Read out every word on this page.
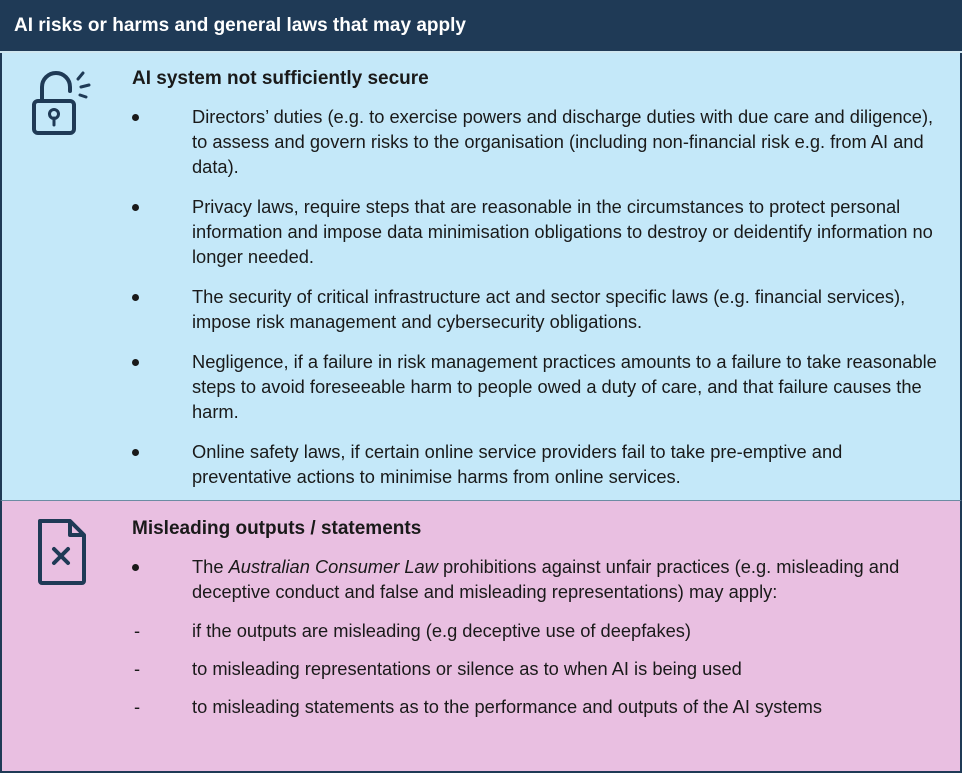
AI risks or harms and general laws that may apply
AI system not sufficiently secure
Directors’ duties (e.g. to exercise powers and discharge duties with due care and diligence), to assess and govern risks to the organisation (including non-financial risk e.g. from AI and data).
Privacy laws, require steps that are reasonable in the circumstances to protect personal information and impose data minimisation obligations to destroy or deidentify information no longer needed.
The security of critical infrastructure act and sector specific laws (e.g. financial services), impose risk management and cybersecurity obligations.
Negligence, if a failure in risk management practices amounts to a failure to take reasonable steps to avoid foreseeable harm to people owed a duty of care, and that failure causes the harm.
Online safety laws, if certain online service providers fail to take pre-emptive and preventative actions to minimise harms from online services.
Misleading outputs / statements
The Australian Consumer Law prohibitions against unfair practices (e.g. misleading and deceptive conduct and false and misleading representations) may apply:
-	if the outputs are misleading (e.g deceptive use of deepfakes)
-	to misleading representations or silence as to when AI is being used
-	to misleading statements as to the performance and outputs of the AI systems
